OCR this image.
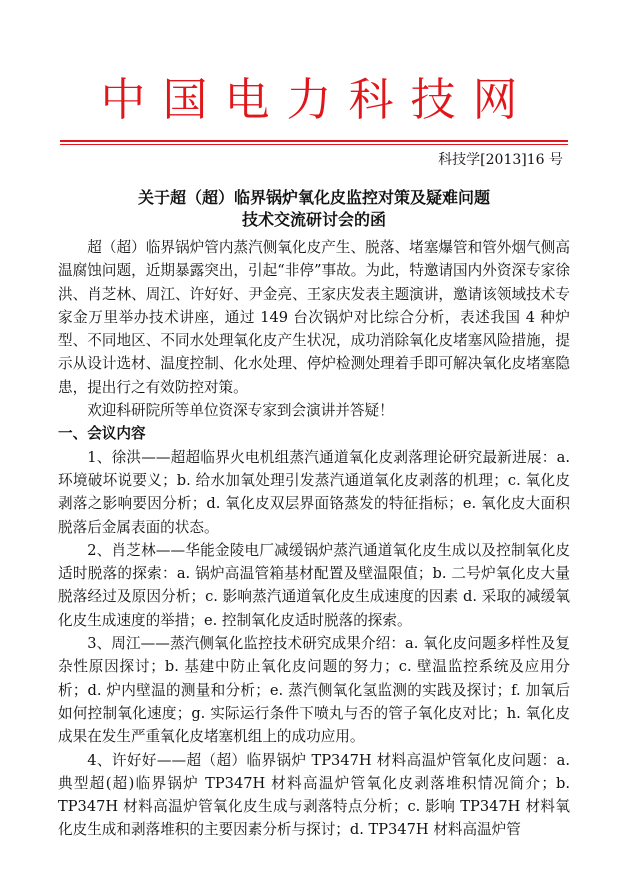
中国电力科技网
科技学[2013]16 号
关于超（超）临界锅炉氧化皮监控对策及疑难问题
技术交流研讨会的函

超（超）临界锅炉管内蒸汽侧氧化皮产生、脱落、堵塞爆管和管外烟气侧高温腐蚀问题，近期暴露突出，引起“非停”事故。为此，特邀请国内外资深专家徐洪、肖芝林、周江、许好好、尹金亮、王家庆发表主题演讲，邀请该领域技术专家金万里举办技术讲座，通过 149 台次锅炉对比综合分析，表述我国 4 种炉型、不同地区、不同水处理氧化皮产生状况，成功消除氧化皮堵塞风险措施，提示从设计选材、温度控制、化水处理、停炉检测处理着手即可解决氧化皮堵塞隐患，提出行之有效防控对策。

欢迎科研院所等单位资深专家到会演讲并答疑！

一、会议内容

1、徐洪——超超临界火电机组蒸汽通道氧化皮剥落理论研究最新进展：a. 环境破坏说要义；b. 给水加氧处理引发蒸汽通道氧化皮剥落的机理；c. 氧化皮剥落之影响要因分析；d. 氧化皮双层界面铬蒸发的特征指标；e. 氧化皮大面积脱落后金属表面的状态。

2、肖芝林——华能金陵电厂减缓锅炉蒸汽通道氧化皮生成以及控制氧化皮适时脱落的探索：a. 锅炉高温管箱基材配置及壁温限值；b. 二号炉氧化皮大量脱落经过及原因分析；c. 影响蒸汽通道氧化皮生成速度的因素 d. 采取的减缓氧化皮生成速度的举措；e. 控制氧化皮适时脱落的探索。

3、周江——蒸汽侧氧化监控技术研究成果介绍：a. 氧化皮问题多样性及复杂性原因探讨；b. 基建中防止氧化皮问题的努力；c. 壁温监控系统及应用分析；d. 炉内壁温的测量和分析；e. 蒸汽侧氧化氢监测的实践及探讨；f. 加氧后如何控制氧化速度；g. 实际运行条件下喷丸与否的管子氧化皮对比；h. 氧化皮成果在发生严重氧化皮堵塞机组上的成功应用。

4、许好好——超（超）临界锅炉 TP347H 材料高温炉管氧化皮问题：a. 典型超(超)临界锅炉 TP347H 材料高温炉管氧化皮剥落堆积情况简介；b. TP347H 材料高温炉管氧化皮生成与剥落特点分析；c. 影响 TP347H 材料氧化皮生成和剥落堆积的主要因素分析与探讨；d. TP347H 材料高温炉管
